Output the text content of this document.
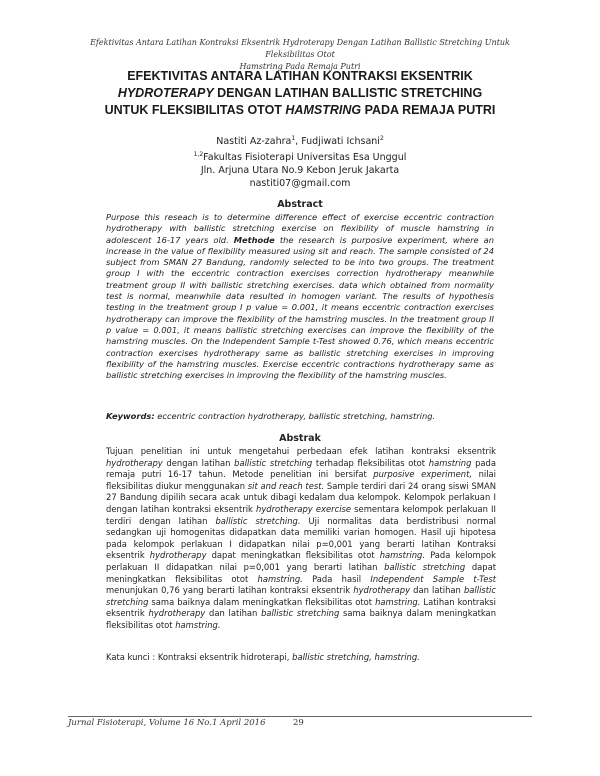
Efektivitas Antara Latihan Kontraksi Eksentrik Hydroterapy Dengan Latihan Ballistic Stretching Untuk Fleksibilitas Otot
Hamstring Pada Remaja Putri
EFEKTIVITAS ANTARA LATIHAN KONTRAKSI EKSENTRIK
HYDROTERAPY DENGAN LATIHAN BALLISTIC STRETCHING
UNTUK FLEKSIBILITAS OTOT HAMSTRING PADA REMAJA PUTRI
Nastiti Az-zahra$^1$, Fudjiwati Ichsani$^2$
$^{1,2}$Fakultas Fisioterapi Universitas Esa Unggul
Jln. Arjuna Utara No.9 Kebon Jeruk Jakarta
nastiti07@gmail.com
Abstract
Purpose this reseach is to determine difference effect of exercise eccentric contraction hydrotherapy with ballistic stretching exercise on flexibility of muscle hamstring in adolescent 16-17 years old. Methode the research is purposive experiment, where an increase in the value of flexibility measured using sit and reach. The sample consisted of 24 subject from SMAN 27 Bandung, randomly selected to be into two groups. The treatment group I with the eccentric contraction exercises correction hydrotherapy meanwhile treatment group II with ballistic stretching exercises. data which obtained from normality test is normal, meanwhile data resulted in homogen variant. The results of hypothesis testing in the treatment group I p value = 0.001, it means eccentric contraction exercises hydrotherapy can improve the flexibility of the hamstring muscles. In the treatment group II p value = 0.001, it means ballistic stretching exercises can improve the flexibility of the hamstring muscles. On the Independent Sample t-Test showed 0.76, which means eccentric contraction exercises hydrotherapy same as ballistic stretching exercises in improving flexibility of the hamstring muscles. Exercise eccentric contractions hydrotherapy same as ballistic stretching exercises in improving the flexibility of the hamstring muscles.
Keywords: eccentric contraction hydrotherapy, ballistic stretching, hamstring.
Abstrak
Tujuan penelitian ini untuk mengetahui perbedaan efek latihan kontraksi eksentrik hydrotherapy dengan latihan ballistic stretching terhadap fleksibilitas otot hamstring pada remaja putri 16-17 tahun. Metode penelitian ini bersifat purposive experiment, nilai fleksibilitas diukur menggunakan sit and reach test. Sample terdiri dari 24 orang siswi SMAN 27 Bandung dipilih secara acak untuk dibagi kedalam dua kelompok. Kelompok perlakuan I dengan latihan kontraksi eksentrik hydrotherapy exercise sementara kelompok perlakuan II terdiri dengan latihan ballistic stretching. Uji normalitas data berdistribusi normal sedangkan uji homogenitas didapatkan data memiliki varian homogen. Hasil uji hipotesa pada kelompok perlakuan I didapatkan nilai p=0,001 yang berarti latihan Kontraksi eksentrik hydrotherapy dapat meningkatkan fleksibilitas otot hamstring. Pada kelompok perlakuan II didapatkan nilai p=0,001 yang berarti latihan ballistic stretching dapat meningkatkan fleksibilitas otot hamstring. Pada hasil Independent Sample t-Test menunjukan 0,76 yang berarti latihan kontraksi eksentrik hydrotherapy dan latihan ballistic stretching sama baiknya dalam meningkatkan fleksibilitas otot hamstring. Latihan kontraksi eksentrik hydrotherapy dan latihan ballistic stretching sama baiknya dalam meningkatkan fleksibilitas otot hamstring.
Kata kunci : Kontraksi eksentrik hidroterapi, ballistic stretching, hamstring.
Jurnal Fisioterapi, Volume 16 No.1 April 2016	29
